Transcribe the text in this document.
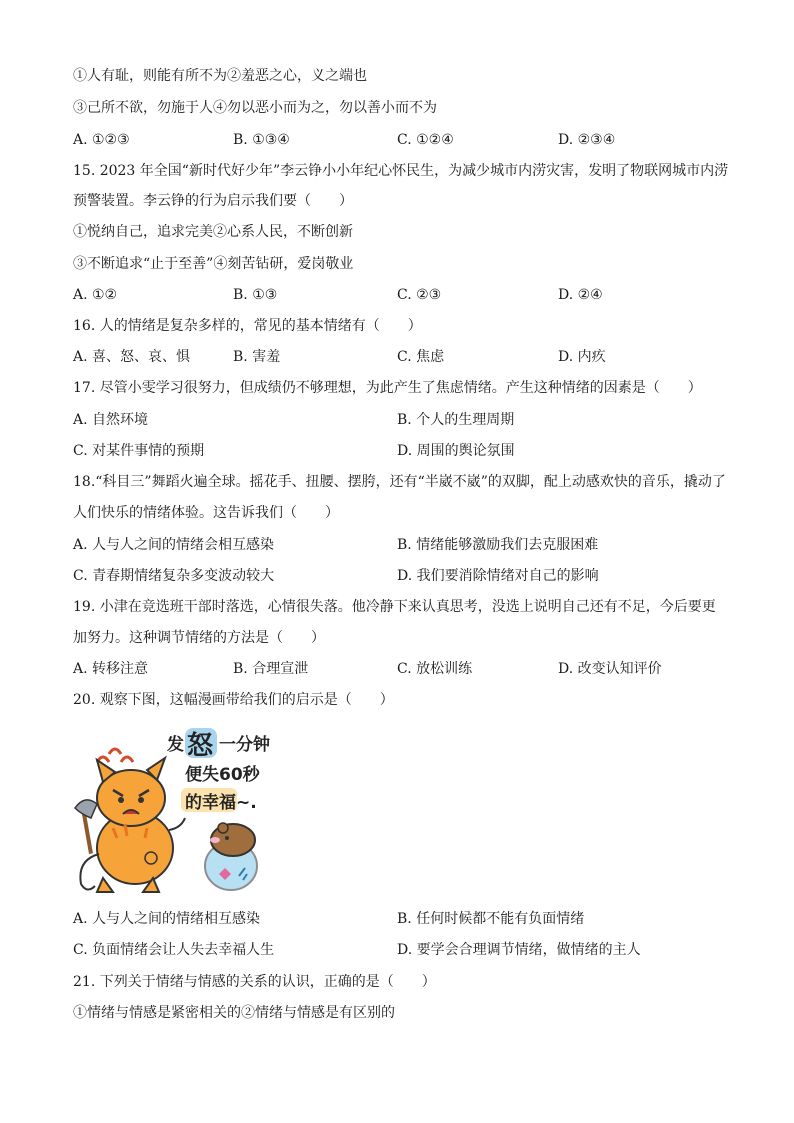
①人有耻，则能有所不为②羞恶之心，义之端也
③己所不欲，勿施于人④勿以恶小而为之，勿以善小而不为
A. ①②③	B. ①③④	C. ①②④	D. ②③④
15. 2023 年全国“新时代好少年”李云铮小小年纪心怀民生，为减少城市内涝灾害，发明了物联网城市内涝
预警装置。李云铮的行为启示我们要（　　）
①悦纳自己，追求完美②心系人民，不断创新
③不断追求“止于至善”④刻苦钻研，爱岗敬业
A. ①②	B. ①③	C. ②③	D. ②④
16. 人的情绪是复杂多样的，常见的基本情绪有（　　）
A. 喜、怒、哀、惧	B. 害羞	C. 焦虑	D. 内疚
17. 尽管小雯学习很努力，但成绩仍不够理想，为此产生了焦虑情绪。产生这种情绪的因素是（　　）
A. 自然环境	B. 个人的生理周期
C. 对某件事情的预期	D. 周围的舆论氛围
18.“科目三”舞蹈火遍全球。摇花手、扭腰、摆胯，还有“半崴不崴”的双脚，配上动感欢快的音乐，撬动了
人们快乐的情绪体验。这告诉我们（　　）
A. 人与人之间的情绪会相互感染	B. 情绪能够激励我们去克服困难
C. 青春期情绪复杂多变波动较大	D. 我们要消除情绪对自己的影响
19. 小津在竞选班干部时落选，心情很失落。他冷静下来认真思考，没选上说明自己还有不足，今后要更
加努力。这种调节情绪的方法是（　　）
A. 转移注意	B. 合理宣泄	C. 放松训练	D. 改变认知评价
20. 观察下图，这幅漫画带给我们的启示是（　　）
发 怒 一分钟
便失60秒
的幸福~.
A. 人与人之间的情绪相互感染	B. 任何时候都不能有负面情绪
C. 负面情绪会让人失去幸福人生	D. 要学会合理调节情绪，做情绪的主人
21. 下列关于情绪与情感的关系的认识，正确的是（　　）
①情绪与情感是紧密相关的②情绪与情感是有区别的
